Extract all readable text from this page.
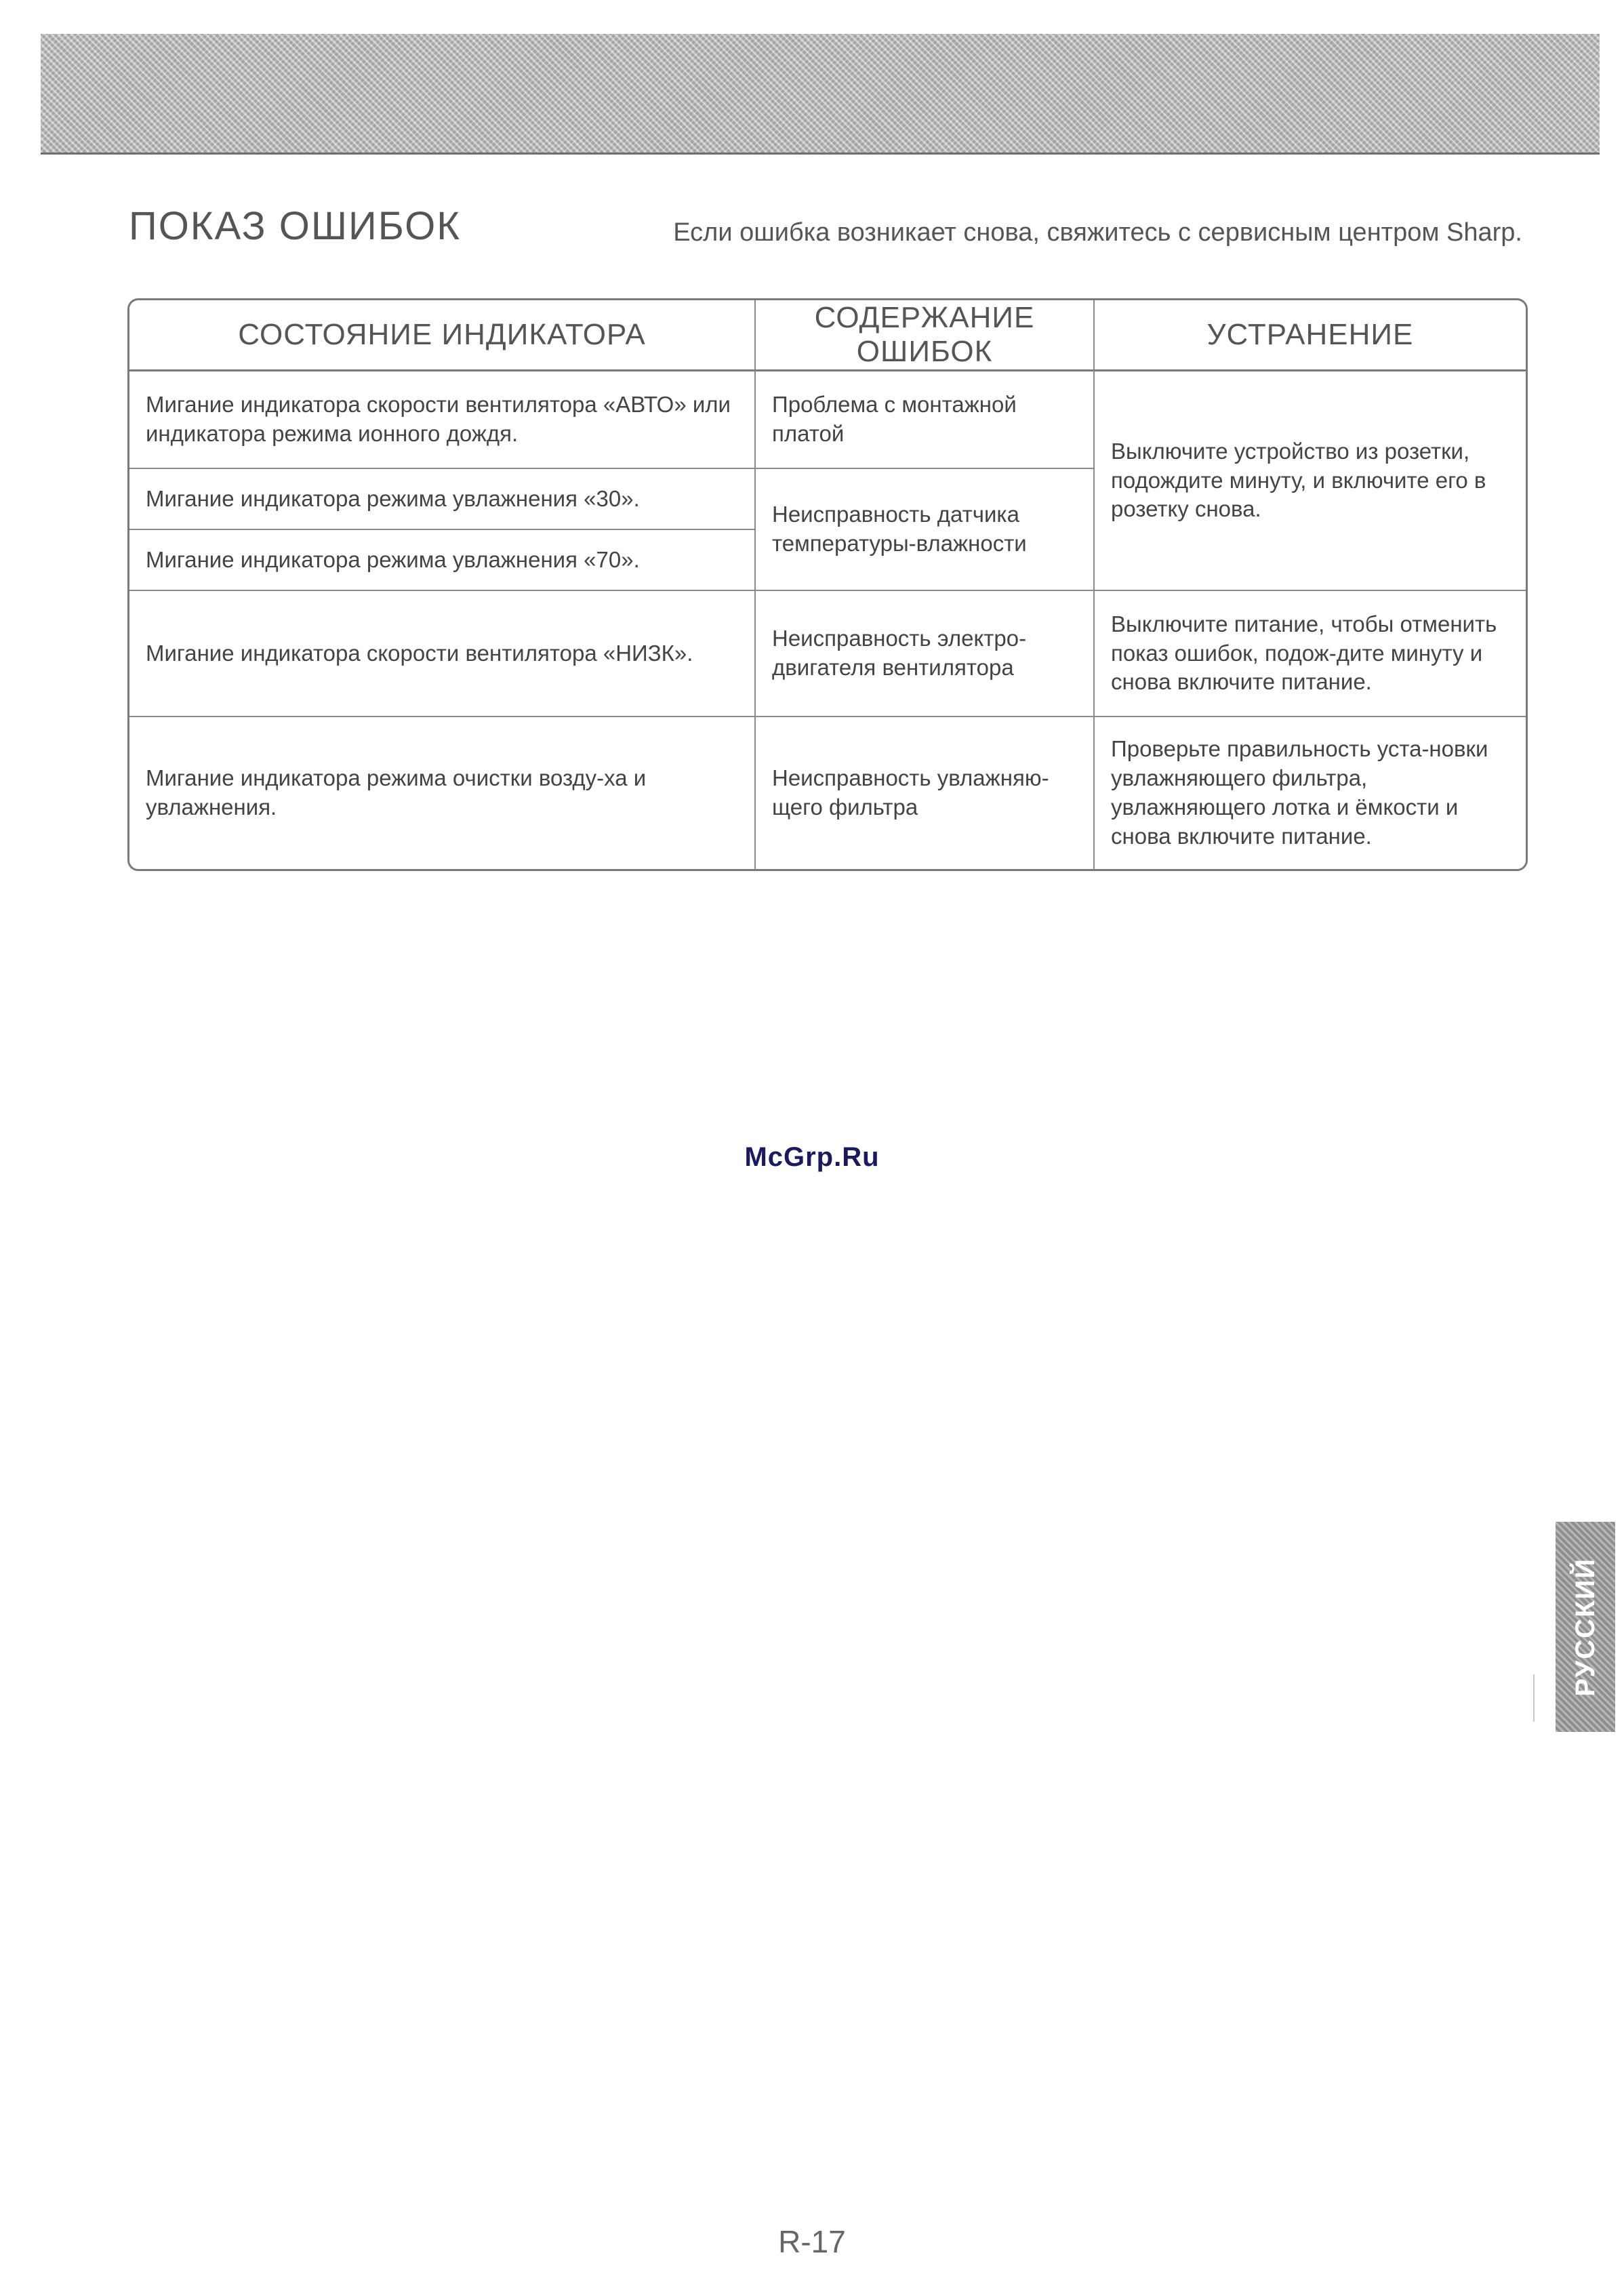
ПОКАЗ ОШИБОК	Если ошибка возникает снова, свяжитесь с сервисным центром Sharp.
СОСТОЯНИЕ ИНДИКАТОРА	СОДЕРЖАНИЕ ОШИБОК	УСТРАНЕНИЕ
Мигание индикатора скорости вентилятора «АВТО» или индикатора режима ионного дождя.	Проблема с монтажной платой	Выключите устройство из розетки, подождите минуту, и включите его в розетку снова.
Мигание индикатора режима увлажнения «30».	Неисправность датчика температуры-влажности	
Мигание индикатора режима увлажнения «70».		
Мигание индикатора скорости вентилятора «НИЗК».	Неисправность электро-двигателя вентилятора	Выключите питание, чтобы отменить показ ошибок, подож-дите минуту и снова включите питание.
Мигание индикатора режима очистки возду-ха и увлажнения.	Неисправность увлажняю-щего фильтра	Проверьте правильность уста-новки увлажняющего фильтра, увлажняющего лотка и ёмкости и снова включите питание.
McGrp.Ru
РУССКИЙ
R-17
